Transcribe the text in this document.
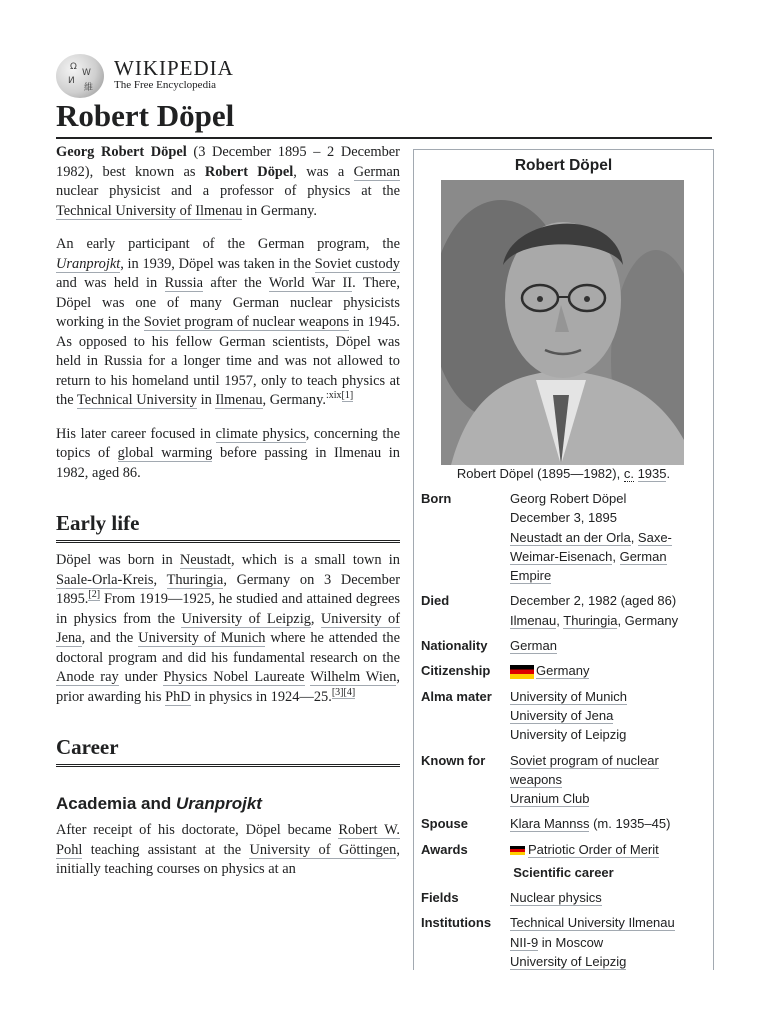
Ω
W
И
維
WIKIPEDIA
The Free Encyclopedia
Robert Döpel

Georg Robert Döpel (3 December 1895 – 2 December 1982), best known as Robert Döpel, was a German nuclear physicist and a professor of physics at the Technical University of Ilmenau in Germany.

An early participant of the German program, the Uranprojkt, in 1939, Döpel was taken in the Soviet custody and was held in Russia after the World War II. There, Döpel was one of many German nuclear physicists working in the Soviet program of nuclear weapons in 1945. As opposed to his fellow German scientists, Döpel was held in Russia for a longer time and was not allowed to return to his homeland until 1957, only to teach physics at the Technical University in Ilmenau, Germany.$^{:xix[1]}$

His later career focused in climate physics, concerning the topics of global warming before passing in Ilmenau in 1982, aged 86.

Early life

Döpel was born in Neustadt, which is a small town in Saale-Orla-Kreis, Thuringia, Germany on 3 December 1895.[2] From 1919—1925, he studied and attained degrees in physics from the University of Leipzig, University of Jena, and the University of Munich where he attended the doctoral program and did his fundamental research on the Anode ray under Physics Nobel Laureate Wilhelm Wien, prior awarding his PhD in physics in 1924—25.[3][4]

Career
Academia and Uranprojkt

After receipt of his doctorate, Döpel became Robert W. Pohl teaching assistant at the University of Göttingen, initially teaching courses on physics at an

Robert Döpel
Robert Döpel (1895—1982), c. 1935.
Born	Georg Robert Döpel
December 3, 1895
Neustadt an der Orla, Saxe-Weimar-Eisenach, German Empire
Died	December 2, 1982 (aged 86)
Ilmenau, Thuringia, Germany
Nationality	German
Citizenship	Germany
Alma mater	University of Munich
University of Jena
University of Leipzig
Known for	Soviet program of nuclear weapons
Uranium Club
Spouse	Klara Mannss (m. 1935–45)
Awards	Patriotic Order of Merit
Scientific career
Fields	Nuclear physics
Institutions	Technical University Ilmenau
NII-9 in Moscow
University of Leipzig
